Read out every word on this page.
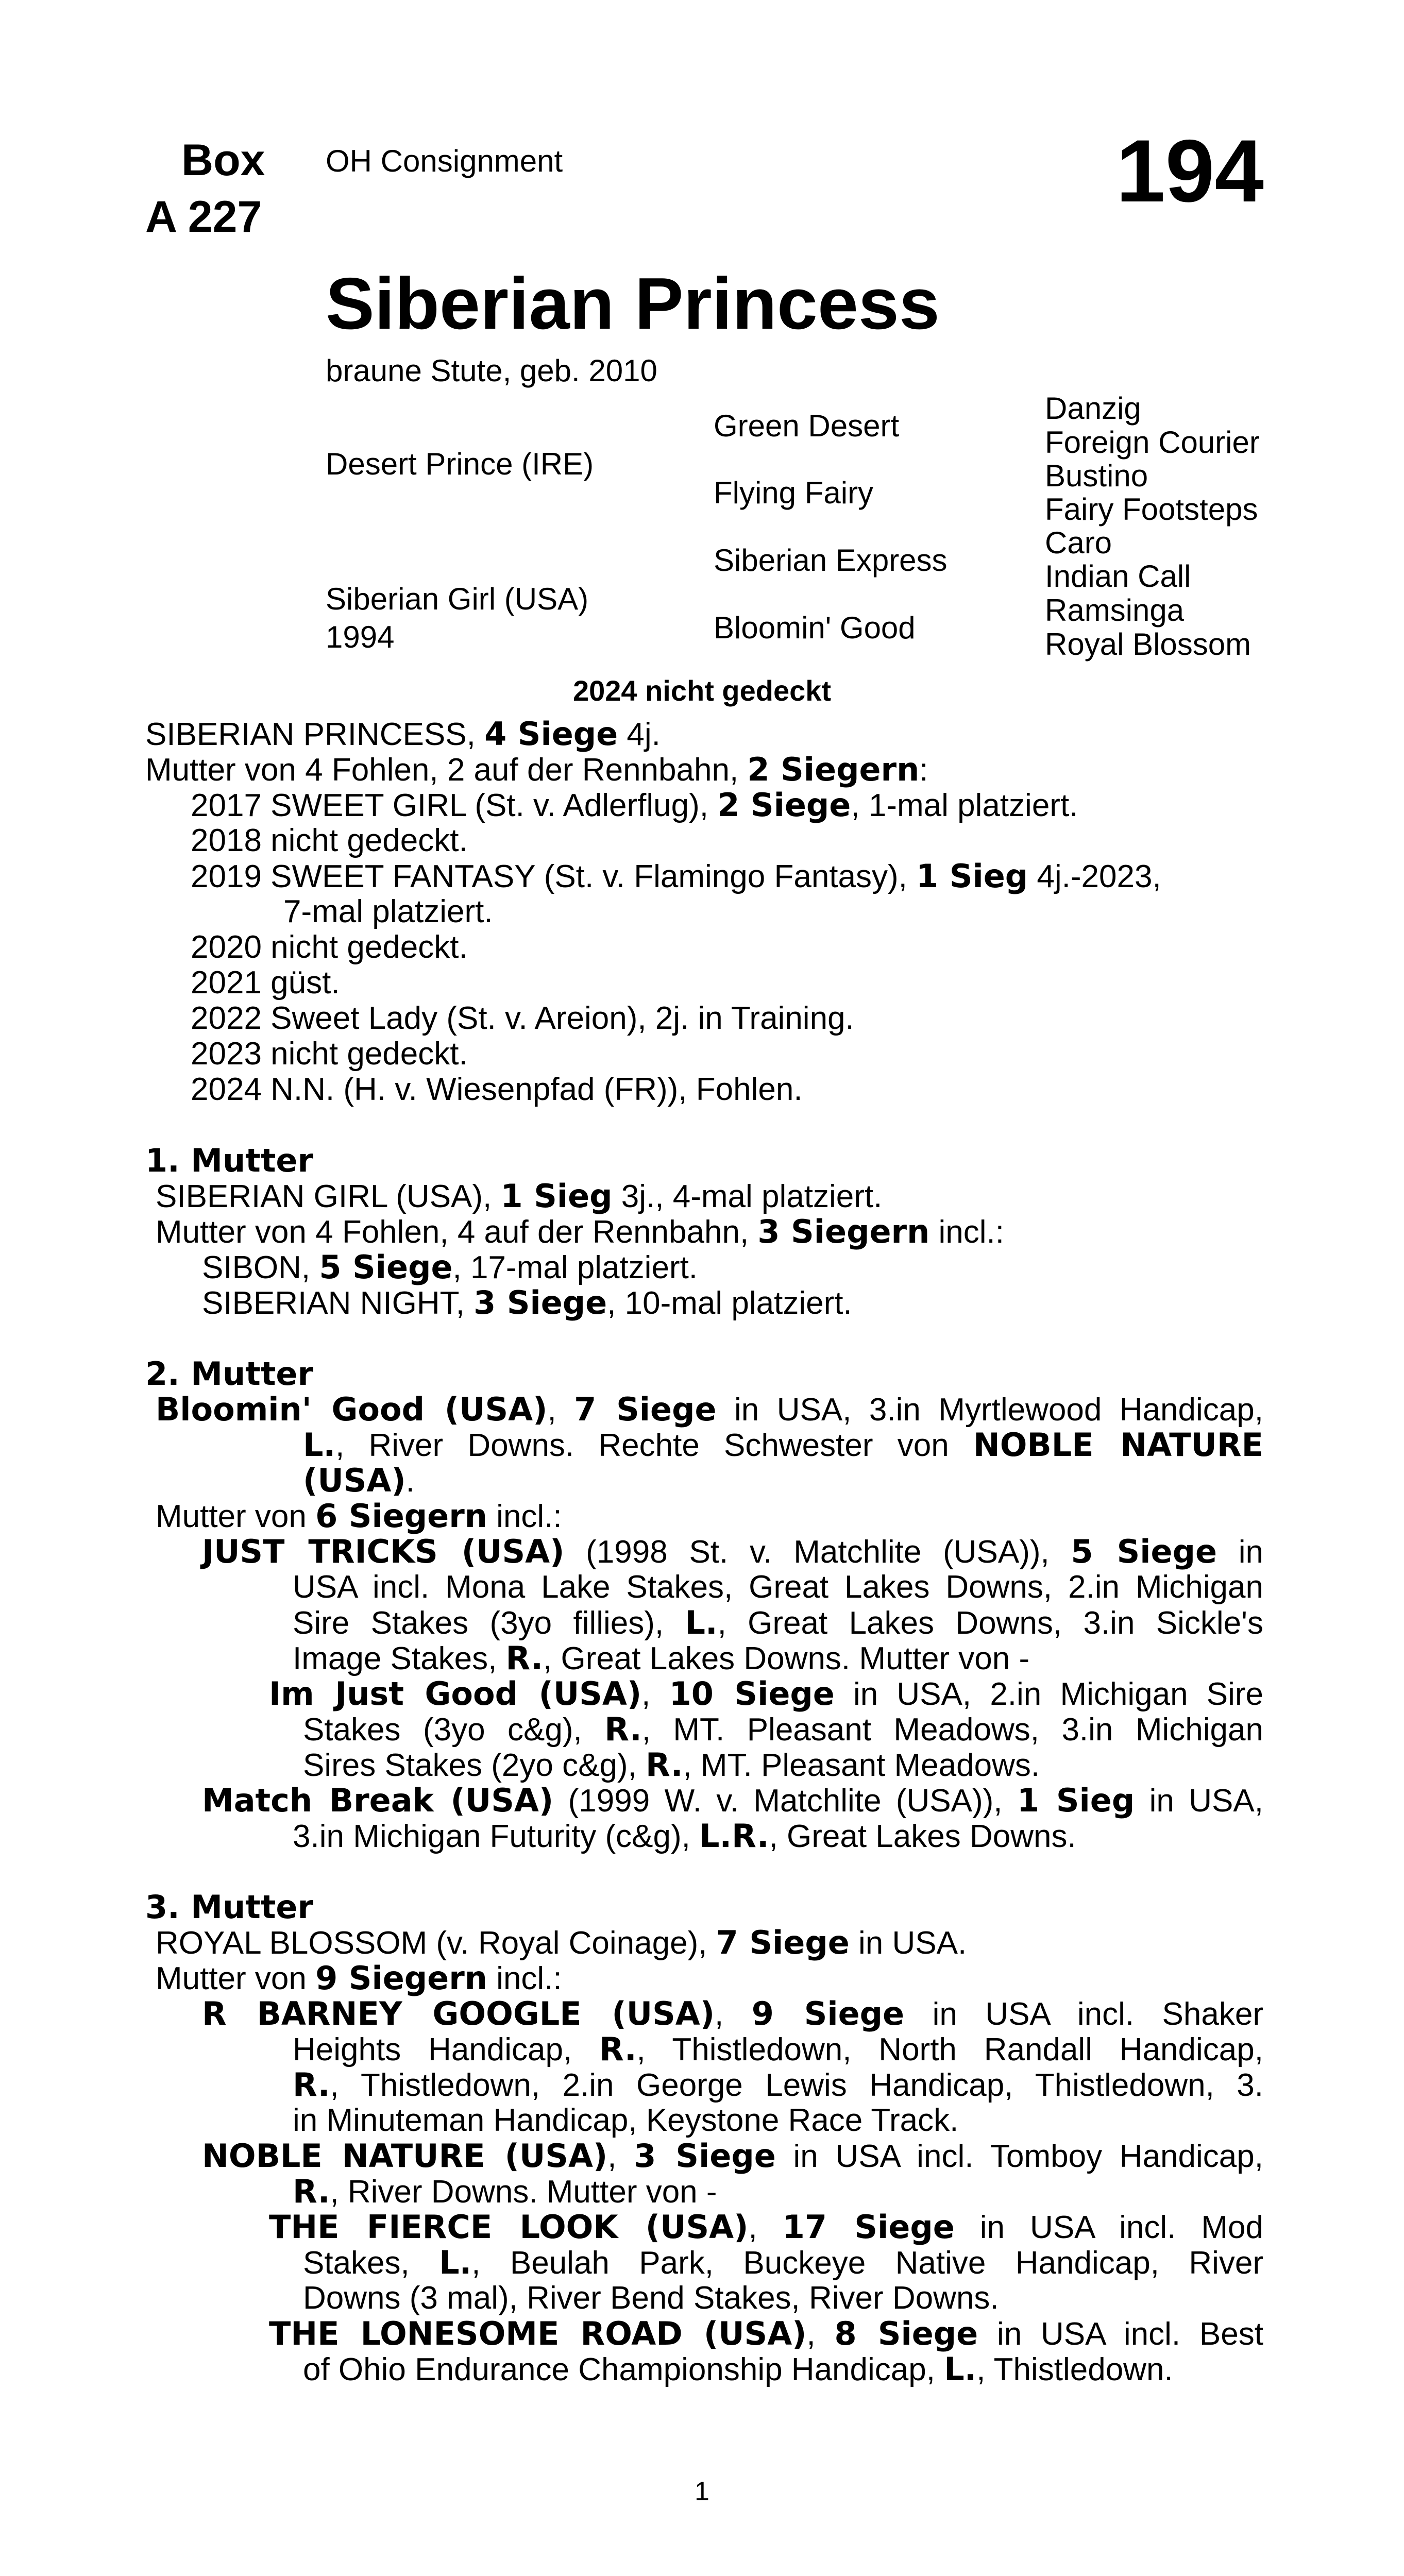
Box
A 227
OH Consignment	194
Siberian Princess
braune Stute, geb. 2010
Desert Prince (IRE)
Siberian Girl (USA)
1994
Green Desert
Flying Fairy
Siberian Express
Bloomin' Good
Danzig
Foreign Courier
Bustino
Fairy Footsteps
Caro
Indian Call
Ramsinga
Royal Blossom
2024 nicht gedeckt
SIBERIAN PRINCESS, 4 Siege 4j.
Mutter von 4 Fohlen, 2 auf der Rennbahn, 2 Siegern:
2017 SWEET GIRL (St. v. Adlerflug), 2 Siege, 1-mal platziert.
2018 nicht gedeckt.
2019 SWEET FANTASY (St. v. Flamingo Fantasy), 1 Sieg 4j.-2023,
7-mal platziert.
2020 nicht gedeckt.
2021 güst.
2022 Sweet Lady (St. v. Areion), 2j. in Training.
2023 nicht gedeckt.
2024 N.N. (H. v. Wiesenpfad (FR)), Fohlen.
1. Mutter
SIBERIAN GIRL (USA), 1 Sieg 3j., 4-mal platziert.
Mutter von 4 Fohlen, 4 auf der Rennbahn, 3 Siegern incl.:
SIBON, 5 Siege, 17-mal platziert.
SIBERIAN NIGHT, 3 Siege, 10-mal platziert.
2. Mutter
Bloomin' Good (USA), 7 Siege in USA, 3.in Myrtlewood Handicap,
L., River Downs. Rechte Schwester von NOBLE NATURE
(USA).
Mutter von 6 Siegern incl.:
JUST TRICKS (USA) (1998 St. v. Matchlite (USA)), 5 Siege in
USA incl. Mona Lake Stakes, Great Lakes Downs, 2.in Michigan
Sire Stakes (3yo fillies), L., Great Lakes Downs, 3.in Sickle's
Image Stakes, R., Great Lakes Downs. Mutter von -
Im Just Good (USA), 10 Siege in USA, 2.in Michigan Sire
Stakes (3yo c&g), R., MT. Pleasant Meadows, 3.in Michigan
Sires Stakes (2yo c&g), R., MT. Pleasant Meadows.
Match Break (USA) (1999 W. v. Matchlite (USA)), 1 Sieg in USA,
3.in Michigan Futurity (c&g), L.R., Great Lakes Downs.
3. Mutter
ROYAL BLOSSOM (v. Royal Coinage), 7 Siege in USA.
Mutter von 9 Siegern incl.:
R BARNEY GOOGLE (USA), 9 Siege in USA incl. Shaker
Heights Handicap, R., Thistledown, North Randall Handicap,
R., Thistledown, 2.in George Lewis Handicap, Thistledown, 3.
in Minuteman Handicap, Keystone Race Track.
NOBLE NATURE (USA), 3 Siege in USA incl. Tomboy Handicap,
R., River Downs. Mutter von -
THE FIERCE LOOK (USA), 17 Siege in USA incl. Mod
Stakes, L., Beulah Park, Buckeye Native Handicap, River
Downs (3 mal), River Bend Stakes, River Downs.
THE LONESOME ROAD (USA), 8 Siege in USA incl. Best
of Ohio Endurance Championship Handicap, L., Thistledown.
1
